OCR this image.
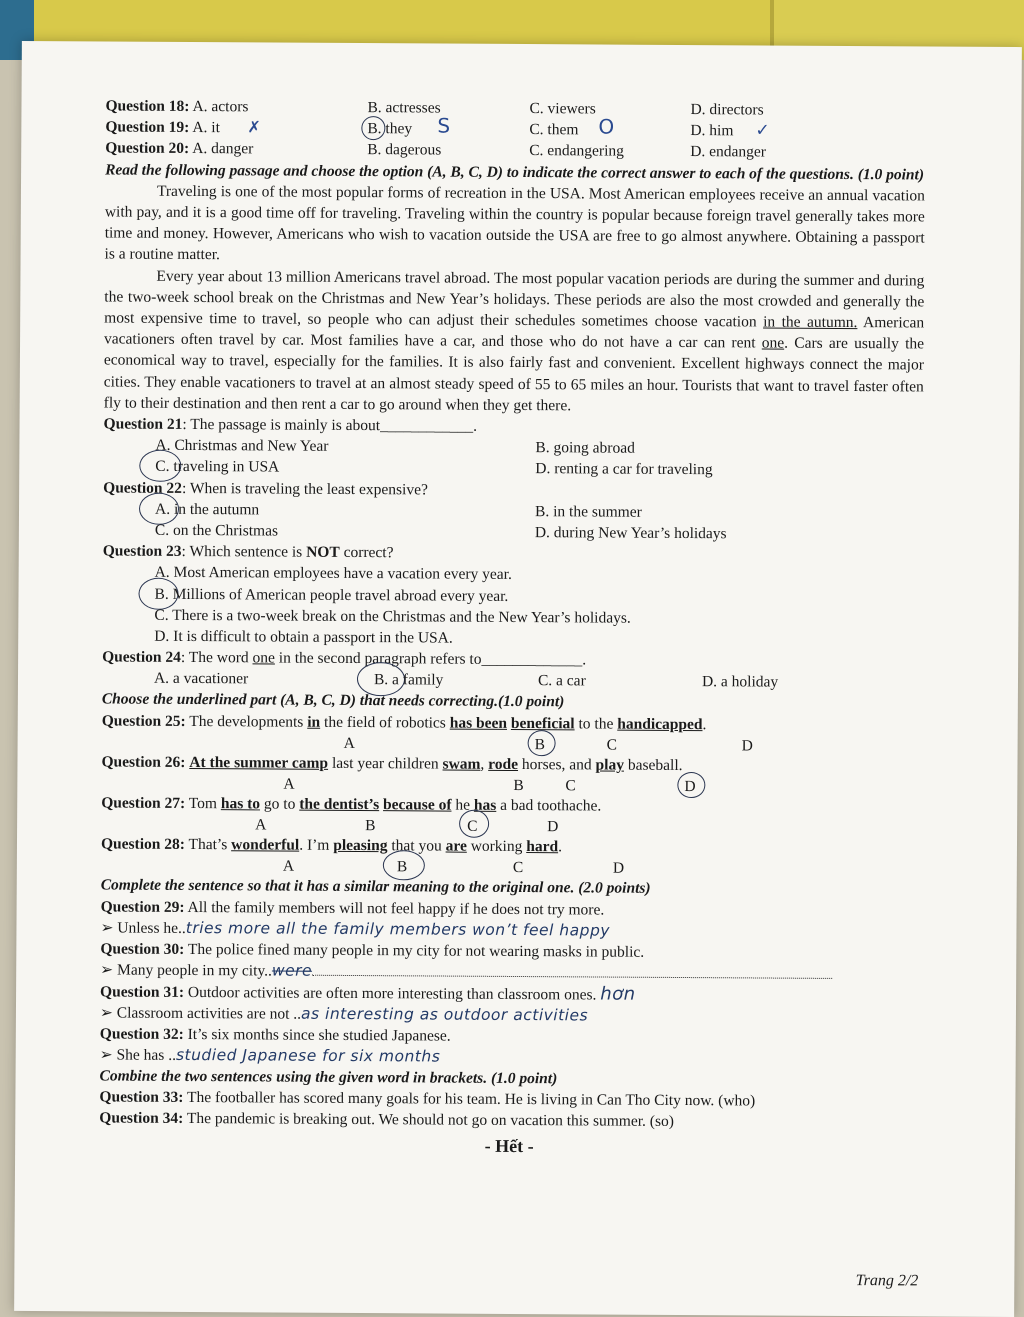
Question 18: A. actors	B. actresses	C. viewers	D. directors
Question 19: A. it ✗	B. they S	C. them O	D. him ✓
Question 20: A. danger	B. dagerous	C. endangering	D. endanger

Read the following passage and choose the option (A, B, C, D) to indicate the correct answer to each of the questions. (1.0 point)

Traveling is one of the most popular forms of recreation in the USA. Most American employees receive an annual vacation with pay, and it is a good time off for traveling. Traveling within the country is popular because foreign travel generally takes more time and money. However, Americans who wish to vacation outside the USA are free to go almost anywhere. Obtaining a passport is a routine matter.

Every year about 13 million Americans travel abroad. The most popular vacation periods are during the summer and during the two-week school break on the Christmas and New Year’s holidays. These periods are also the most crowded and generally the most expensive time to travel, so people who can adjust their schedules sometimes choose vacation in the autumn. American vacationers often travel by car. Most families have a car, and those who do not have a car can rent one. Cars are usually the economical way to travel, especially for the families. It is also fairly fast and convenient. Excellent highways connect the major cities. They enable vacationers to travel at an almost steady speed of 55 to 65 miles an hour. Tourists that want to travel faster often fly to their destination and then rent a car to go around when they get there.

Question 21: The passage is mainly is about____________.
A. Christmas and New Year	B. going abroad
C. traveling in USA	D. renting a car for traveling
Question 22: When is traveling the least expensive?
A. in the autumn	B. in the summer
C. on the Christmas	D. during New Year’s holidays
Question 23: Which sentence is NOT correct?
A. Most American employees have a vacation every year.
B. Millions of American people travel abroad every year.
C. There is a two-week break on the Christmas and the New Year’s holidays.
D. It is difficult to obtain a passport in the USA.
Question 24: The word one in the second paragraph refers to_____________.
A. a vacationer	B. a family	C. a car	D. a holiday
Choose the underlined part (A, B, C, D) that needs correcting.(1.0 point)
Question 25: The developments in the field of robotics has been beneficial to the handicapped.
A	B	C	D
Question 26: At the summer camp last year children swam, rode horses, and play baseball.
A	B	C	D
Question 27: Tom has to go to the dentist’s because of he has a bad toothache.
A	B	C	D
Question 28: That’s wonderful. I’m pleasing that you are working hard.
A	B	C	D
Complete the sentence so that it has a similar meaning to the original one. (2.0 points)
Question 29: All the family members will not feel happy if he does not try more.
➢ Unless he..tries more all the family members won’t feel happy
Question 30: The police fined many people in my city for not wearing masks in public.
➢ Many people in my city..were
Question 31: Outdoor activities are often more interesting than classroom ones. hơn
➢ Classroom activities are not ..as interesting as outdoor activities
Question 32: It’s six months since she studied Japanese.
➢ She has ..studied Japanese for six months
Combine the two sentences using the given word in brackets. (1.0 point)
Question 33: The footballer has scored many goals for his team. He is living in Can Tho City now. (who)
Question 34: The pandemic is breaking out. We should not go on vacation this summer. (so)
- Hết -
Trang 2/2
